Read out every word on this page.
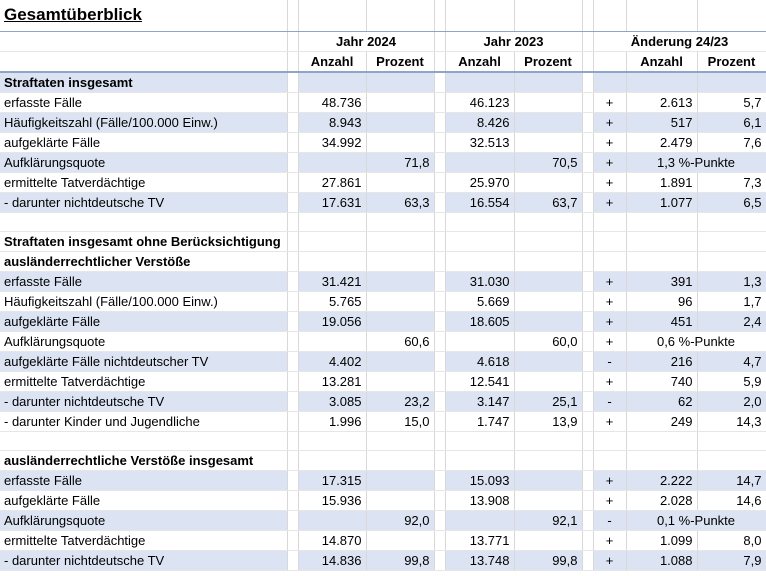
Gesamtüberblick										
		Jahr 2024			Jahr 2023			Änderung 24/23		
		Anzahl	Prozent		Anzahl	Prozent			Anzahl	Prozent
Straftaten insgesamt										
erfasste Fälle		48.736			46.123			+	2.613	5,7
Häufigkeitszahl (Fälle/100.000 Einw.)		8.943			8.426			+	517	6,1
aufgeklärte Fälle		34.992			32.513			+	2.479	7,6
Aufklärungsquote			71,8			70,5		+	1,3 %-Punkte	
ermittelte Tatverdächtige		27.861			25.970			+	1.891	7,3
- darunter nichtdeutsche TV		17.631	63,3		16.554	63,7		+	1.077	6,5

Straftaten insgesamt ohne Berücksichtigung										
ausländerrechtlicher Verstöße										
erfasste Fälle		31.421			31.030			+	391	1,3
Häufigkeitszahl (Fälle/100.000 Einw.)		5.765			5.669			+	96	1,7
aufgeklärte Fälle		19.056			18.605			+	451	2,4
Aufklärungsquote			60,6			60,0		+	0,6 %-Punkte	
aufgeklärte Fälle nichtdeutscher TV		4.402			4.618			-	216	4,7
ermittelte Tatverdächtige		13.281			12.541			+	740	5,9
- darunter nichtdeutsche TV		3.085	23,2		3.147	25,1		-	62	2,0
- darunter Kinder und Jugendliche		1.996	15,0		1.747	13,9		+	249	14,3

ausländerrechtliche Verstöße insgesamt										
erfasste Fälle		17.315			15.093			+	2.222	14,7
aufgeklärte Fälle		15.936			13.908			+	2.028	14,6
Aufklärungsquote			92,0			92,1		-	0,1 %-Punkte	
ermittelte Tatverdächtige		14.870			13.771			+	1.099	8,0
- darunter nichtdeutsche TV		14.836	99,8		13.748	99,8		+	1.088	7,9
